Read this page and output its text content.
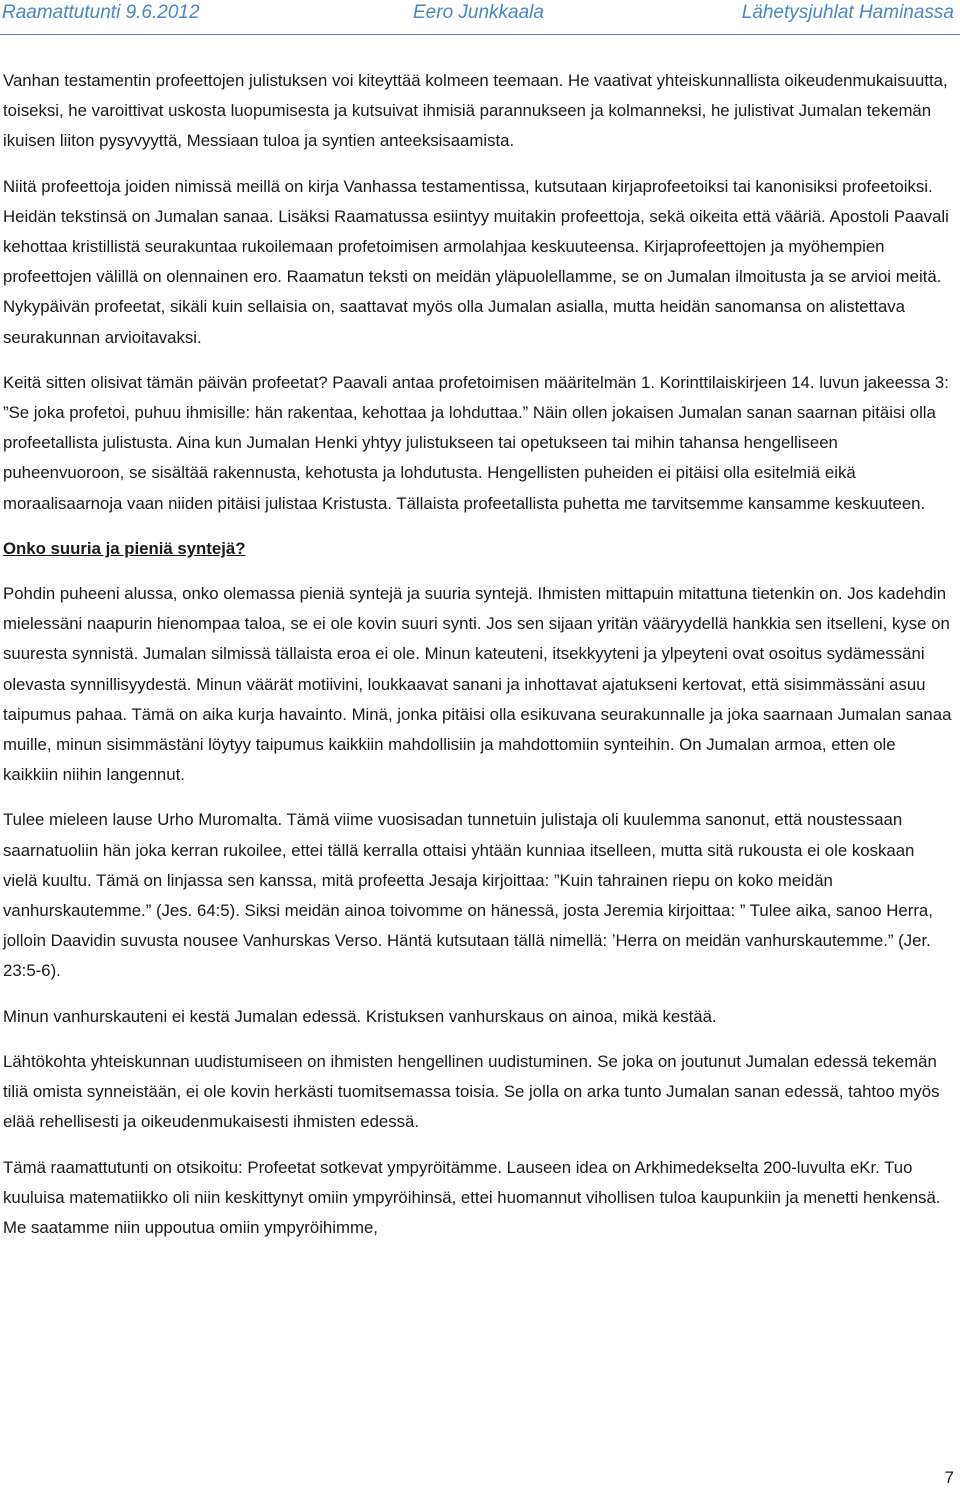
Raamattutunti 9.6.2012	Eero Junkkaala	Lähetysjuhlat Haminassa

Vanhan testamentin profeettojen julistuksen voi kiteyttää kolmeen teemaan. He vaativat yhteiskunnallista oikeudenmukaisuutta, toiseksi, he varoittivat uskosta luopumisesta ja kutsuivat ihmisiä parannukseen ja kolmanneksi, he julistivat Jumalan tekemän ikuisen liiton pysyvyyttä, Messiaan tuloa ja syntien anteeksisaamista.

Niitä profeettoja joiden nimissä meillä on kirja Vanhassa testamentissa, kutsutaan kirjaprofeetoiksi tai kanonisiksi profeetoiksi. Heidän tekstinsä on Jumalan sanaa. Lisäksi Raamatussa esiintyy muitakin profeettoja, sekä oikeita että vääriä. Apostoli Paavali kehottaa kristillistä seurakuntaa rukoilemaan profetoimisen armolahjaa keskuuteensa. Kirjaprofeettojen ja myöhempien profeettojen välillä on olennainen ero. Raamatun teksti on meidän yläpuolellamme, se on Jumalan ilmoitusta ja se arvioi meitä. Nykypäivän profeetat, sikäli kuin sellaisia on, saattavat myös olla Jumalan asialla, mutta heidän sanomansa on alistettava seurakunnan arvioitavaksi.

Keitä sitten olisivat tämän päivän profeetat? Paavali antaa profetoimisen määritelmän 1. Korinttilaiskirjeen 14. luvun jakeessa 3: ”Se joka profetoi, puhuu ihmisille: hän rakentaa, kehottaa ja lohduttaa.” Näin ollen jokaisen Jumalan sanan saarnan pitäisi olla profeetallista julistusta. Aina kun Jumalan Henki yhtyy julistukseen tai opetukseen tai mihin tahansa hengelliseen puheenvuoroon, se sisältää rakennusta, kehotusta ja lohdutusta. Hengellisten puheiden ei pitäisi olla esitelmiä eikä moraalisaarnoja vaan niiden pitäisi julistaa Kristusta. Tällaista profeetallista puhetta me tarvitsemme kansamme keskuuteen.

Onko suuria ja pieniä syntejä?

Pohdin puheeni alussa, onko olemassa pieniä syntejä ja suuria syntejä. Ihmisten mittapuin mitattuna tietenkin on. Jos kadehdin mielessäni naapurin hienompaa taloa, se ei ole kovin suuri synti. Jos sen sijaan yritän vääryydellä hankkia sen itselleni, kyse on suuresta synnistä. Jumalan silmissä tällaista eroa ei ole. Minun kateuteni, itsekkyyteni ja ylpeyteni ovat osoitus sydämessäni olevasta synnillisyydestä. Minun väärät motiivini, loukkaavat sanani ja inhottavat ajatukseni kertovat, että sisimmässäni asuu taipumus pahaa. Tämä on aika kurja havainto. Minä, jonka pitäisi olla esikuvana seurakunnalle ja joka saarnaan Jumalan sanaa muille, minun sisimmästäni löytyy taipumus kaikkiin mahdollisiin ja mahdottomiin synteihin. On Jumalan armoa, etten ole kaikkiin niihin langennut.

Tulee mieleen lause Urho Muromalta. Tämä viime vuosisadan tunnetuin julistaja oli kuulemma sanonut, että noustessaan saarnatuoliin hän joka kerran rukoilee, ettei tällä kerralla ottaisi yhtään kunniaa itselleen, mutta sitä rukousta ei ole koskaan vielä kuultu. Tämä on linjassa sen kanssa, mitä profeetta Jesaja kirjoittaa: ”Kuin tahrainen riepu on koko meidän vanhurskautemme.” (Jes. 64:5). Siksi meidän ainoa toivomme on hänessä, josta Jeremia kirjoittaa: ” Tulee aika, sanoo Herra, jolloin Daavidin suvusta nousee Vanhurskas Verso. Häntä kutsutaan tällä nimellä: ’Herra on meidän vanhurskautemme.” (Jer. 23:5-6).

Minun vanhurskauteni ei kestä Jumalan edessä. Kristuksen vanhurskaus on ainoa, mikä kestää.

Lähtökohta yhteiskunnan uudistumiseen on ihmisten hengellinen uudistuminen. Se joka on joutunut Jumalan edessä tekemän tiliä omista synneistään, ei ole kovin herkästi tuomitsemassa toisia. Se jolla on arka tunto Jumalan sanan edessä, tahtoo myös elää rehellisesti ja oikeudenmukaisesti ihmisten edessä.

Tämä raamattutunti on otsikoitu: Profeetat sotkevat ympyröitämme. Lauseen idea on Arkhimedekselta 200-luvulta eKr. Tuo kuuluisa matematiikko oli niin keskittynyt omiin ympyröihinsä, ettei huomannut vihollisen tuloa kaupunkiin ja menetti henkensä. Me saatamme niin uppoutua omiin ympyröihimme,

7
